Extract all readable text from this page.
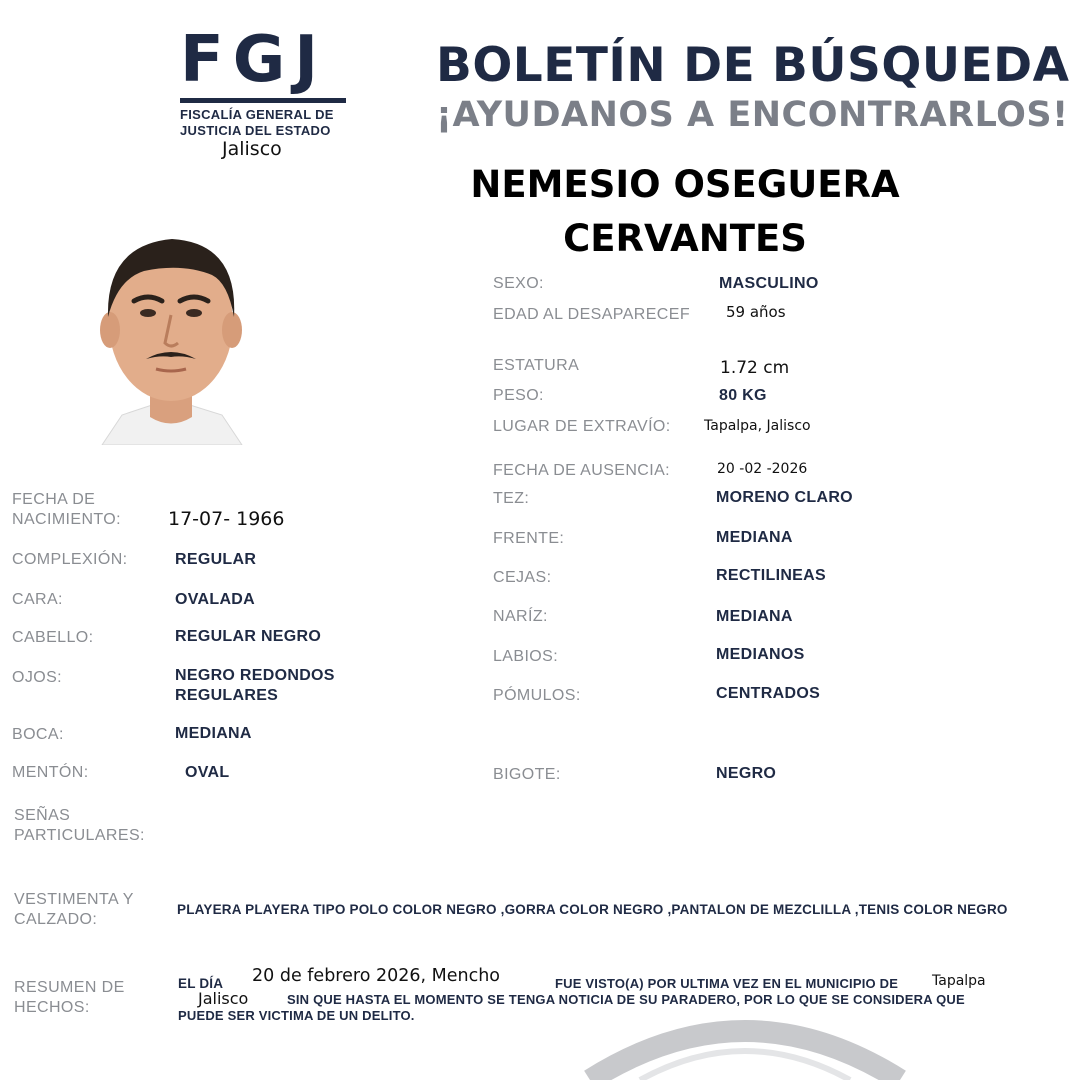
FGJ
FISCALÍA GENERAL DE
JUSTICIA DEL ESTADO
Jalisco
BOLETÍN DE BÚSQUEDA
¡AYUDANOS A ENCONTRARLOS!
NEMESIO OSEGUERA
CERVANTES
SEXO:	MASCULINO
EDAD AL DESAPARECEF 59 años
ESTATURA	1.72 cm
PESO:	80 KG
LUGAR DE EXTRAVÍO: Tapalpa, Jalisco
FECHA DE AUSENCIA:	20 -02 -2026
TEZ:	MORENO CLARO
FRENTE:	MEDIANA
CEJAS:	RECTILINEAS
NARÍZ:	MEDIANA
LABIOS:	MEDIANOS
PÓMULOS:	CENTRADOS
BIGOTE:	NEGRO
FECHA DE
NACIMIENTO: 17-07- 1966
COMPLEXIÓN:	REGULAR
CARA:	OVALADA
CABELLO:	REGULAR NEGRO
OJOS:	NEGRO REDONDOS
REGULARES
BOCA:	MEDIANA
MENTÓN:	OVAL
SEÑAS
PARTICULARES:
VESTIMENTA Y
CALZADO:
PLAYERA PLAYERA TIPO POLO COLOR NEGRO ,GORRA COLOR NEGRO ,PANTALON DE MEZCLILLA ,TENIS COLOR NEGRO
RESUMEN DE
HECHOS:
EL DÍA 20 de febrero 2026, Mencho	FUE VISTO(A) POR ULTIMA VEZ EN EL MUNICIPIO DE Tapalpa
Jalisco	SIN QUE HASTA EL MOMENTO SE TENGA NOTICIA DE SU PARADERO, POR LO QUE SE CONSIDERA QUE
PUEDE SER VICTIMA DE UN DELITO.
